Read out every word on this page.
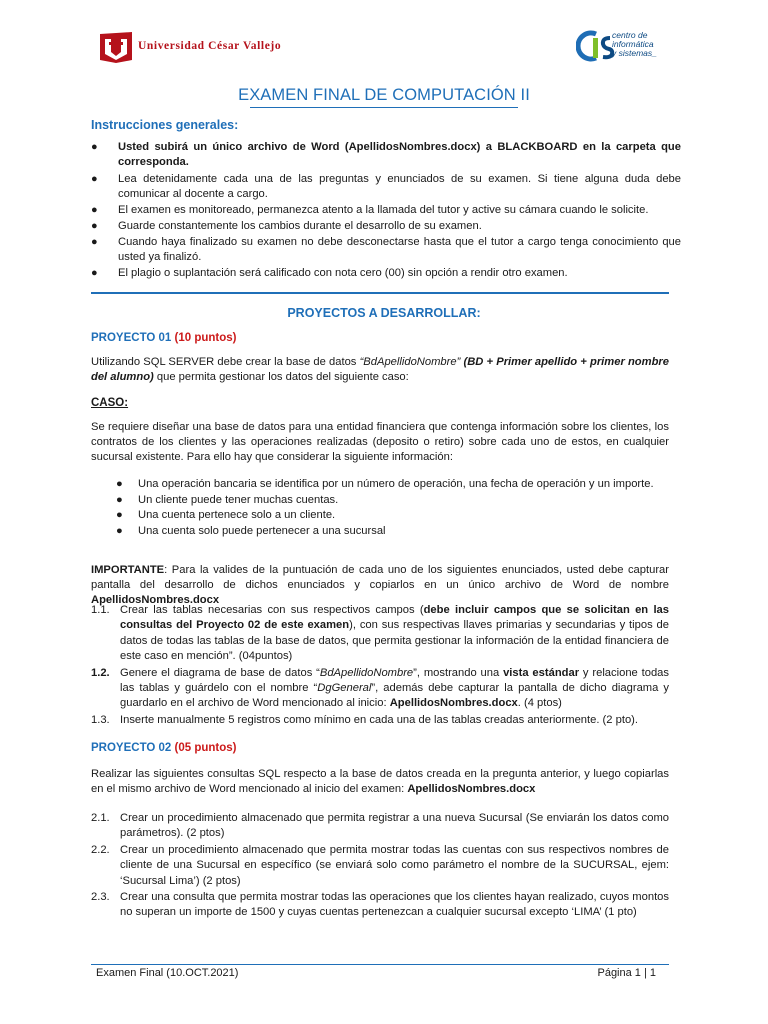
Universidad César Vallejo
centro de
informática
y sistemas_
EXAMEN FINAL DE COMPUTACIÓN II
Instrucciones generales:
● Usted subirá un único archivo de Word (ApellidosNombres.docx) a BLACKBOARD en la carpeta que corresponda.
● Lea detenidamente cada una de las preguntas y enunciados de su examen. Si tiene alguna duda debe comunicar al docente a cargo.
● El examen es monitoreado, permanezca atento a la llamada del tutor y active su cámara cuando le solicite.
● Guarde constantemente los cambios durante el desarrollo de su examen.
● Cuando haya finalizado su examen no debe desconectarse hasta que el tutor a cargo tenga conocimiento que usted ya finalizó.
● El plagio o suplantación será calificado con nota cero (00) sin opción a rendir otro examen.
PROYECTOS A DESARROLLAR:
PROYECTO 01 (10 puntos)

Utilizando SQL SERVER debe crear la base de datos “BdApellidoNombre” (BD + Primer apellido + primer nombre del alumno) que permita gestionar los datos del siguiente caso:

CASO:

Se requiere diseñar una base de datos para una entidad financiera que contenga información sobre los clientes, los contratos de los clientes y las operaciones realizadas (deposito o retiro) sobre cada uno de estos, en cualquier sucursal existente. Para ello hay que considerar la siguiente información:

● Una operación bancaria se identifica por un número de operación, una fecha de operación y un importe.
● Un cliente puede tener muchas cuentas.
● Una cuenta pertenece solo a un cliente.
● Una cuenta solo puede pertenecer a una sucursal

IMPORTANTE: Para la valides de la puntuación de cada uno de los siguientes enunciados, usted debe capturar pantalla del desarrollo de dichos enunciados y copiarlos en un único archivo de Word de nombre ApellidosNombres.docx

1.1. Crear las tablas necesarias con sus respectivos campos (debe incluir campos que se solicitan en las consultas del Proyecto 02 de este examen), con sus respectivas llaves primarias y secundarias y tipos de datos de todas las tablas de la base de datos, que permita gestionar la información de la entidad financiera de este caso en mención”. (04puntos)
1.2. Genere el diagrama de base de datos “BdApellidoNombre”, mostrando una vista estándar y relacione todas las tablas y guárdelo con el nombre “DgGeneral”, además debe capturar la pantalla de dicho diagrama y guardarlo en el archivo de Word mencionado al inicio: ApellidosNombres.docx. (4 ptos)
1.3. Inserte manualmente 5 registros como mínimo en cada una de las tablas creadas anteriormente. (2 pto).
PROYECTO 02 (05 puntos)

Realizar las siguientes consultas SQL respecto a la base de datos creada en la pregunta anterior, y luego copiarlas en el mismo archivo de Word mencionado al inicio del examen: ApellidosNombres.docx

2.1. Crear un procedimiento almacenado que permita registrar a una nueva Sucursal (Se enviarán los datos como parámetros). (2 ptos)
2.2. Crear un procedimiento almacenado que permita mostrar todas las cuentas con sus respectivos nombres de cliente de una Sucursal en específico (se enviará solo como parámetro el nombre de la SUCURSAL, ejem: ‘Sucursal Lima’) (2 ptos)
2.3. Crear una consulta que permita mostrar todas las operaciones que los clientes hayan realizado, cuyos montos no superan un importe de 1500 y cuyas cuentas pertenezcan a cualquier sucursal excepto ‘LIMA’ (1 pto)
Examen Final (10.OCT.2021)	Página 1 | 1
